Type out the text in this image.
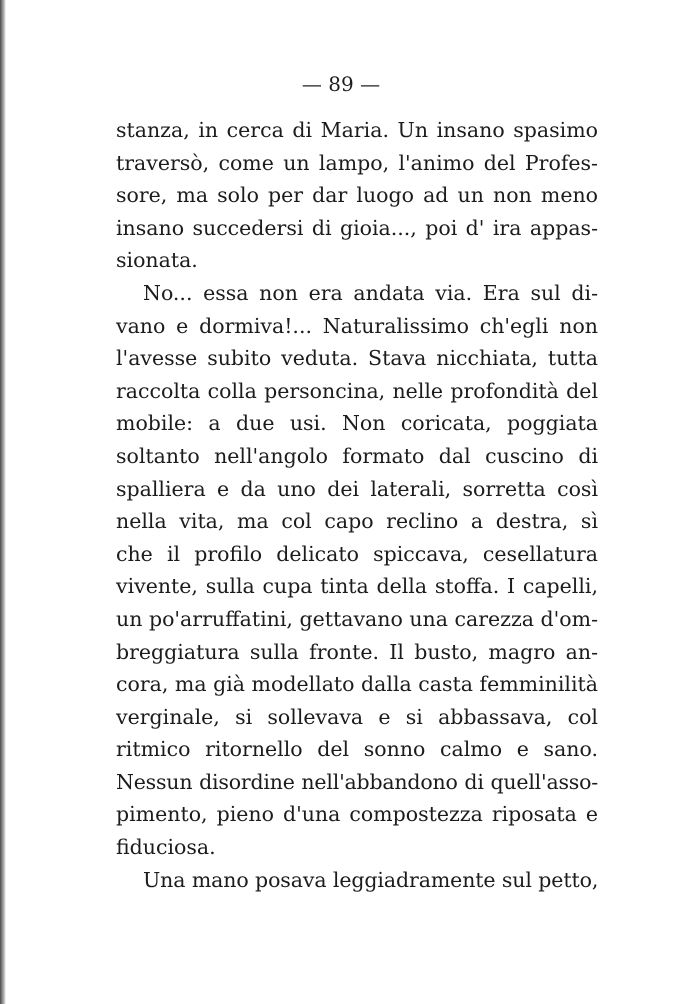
— 89 —

stanza, in cerca di Maria. Un insano spasimo
traversò, come un lampo, l'animo del Profes-
sore, ma solo per dar luogo ad un non meno
insano succedersi di gioia..., poi d' ira appas-
sionata.
No... essa non era andata via. Era sul di-
vano e dormiva!... Naturalissimo ch'egli non
l'avesse subito veduta. Stava nicchiata, tutta
raccolta colla personcina, nelle profondità del
mobile: a due usi. Non coricata, poggiata
soltanto nell'angolo formato dal cuscino di
spalliera e da uno dei laterali, sorretta così
nella vita, ma col capo reclino a destra, sì
che il profilo delicato spiccava, cesellatura
vivente, sulla cupa tinta della stoffa. I capelli,
un po'arruffatini, gettavano una carezza d'om-
breggiatura sulla fronte. Il busto, magro an-
cora, ma già modellato dalla casta femminilità
verginale, si sollevava e si abbassava, col
ritmico ritornello del sonno calmo e sano.
Nessun disordine nell'abbandono di quell'asso-
pimento, pieno d'una compostezza riposata e
fiduciosa.
Una mano posava leggiadramente sul petto,
